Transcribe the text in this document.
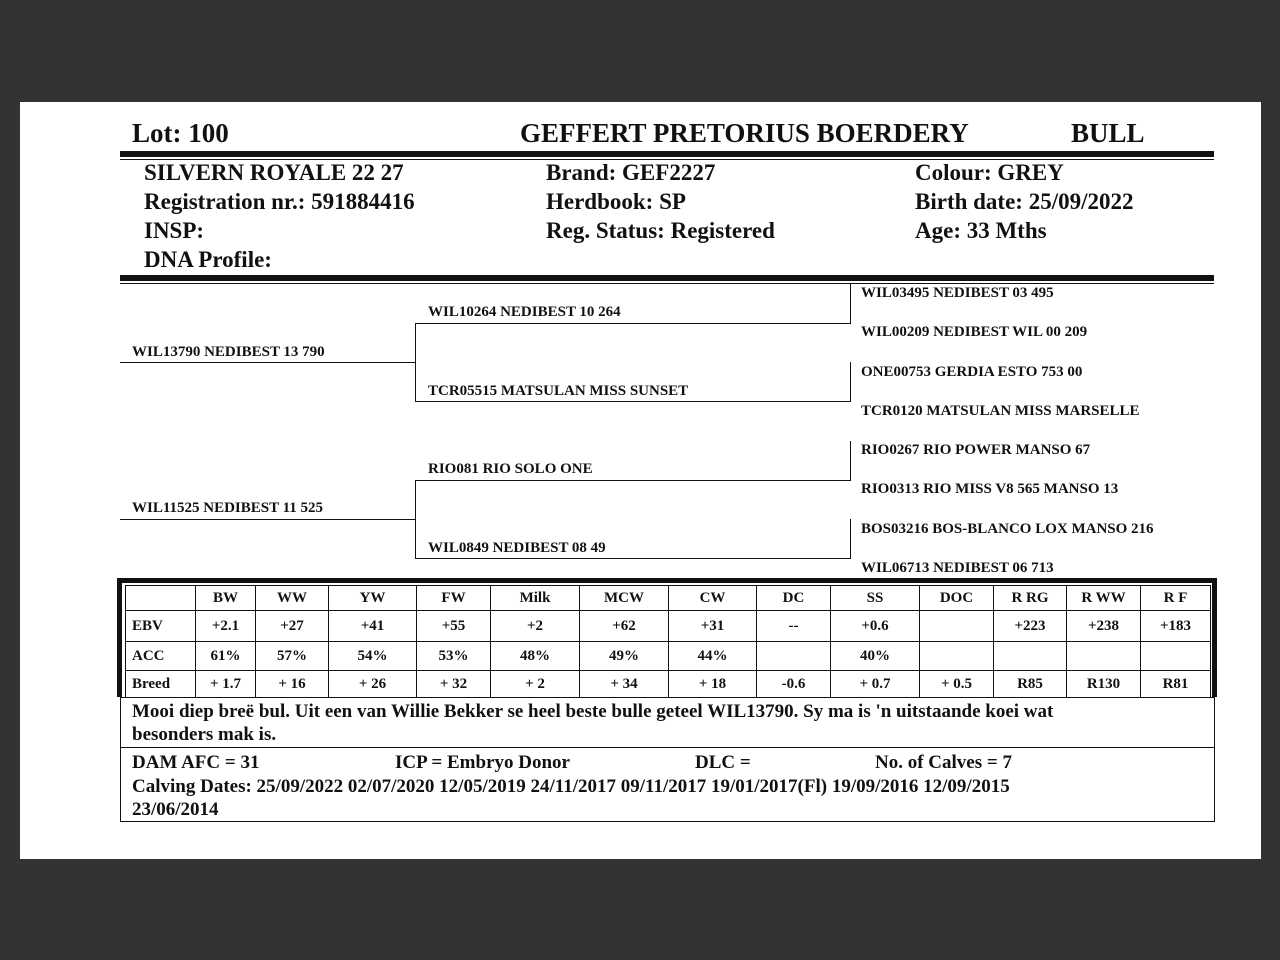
Lot: 100	GEFFERT PRETORIUS BOERDERY	BULL
SILVERN ROYALE 22 27
Registration nr.: 591884416
INSP:
DNA Profile:
Brand: GEF2227
Herdbook: SP
Reg. Status: Registered
Colour: GREY
Birth date: 25/09/2022
Age: 33 Mths
WIL13790 NEDIBEST 13 790
WIL11525 NEDIBEST 11 525
WIL10264 NEDIBEST 10 264
TCR05515 MATSULAN MISS SUNSET
RIO081 RIO SOLO ONE
WIL0849 NEDIBEST 08 49
WIL03495 NEDIBEST 03 495
WIL00209 NEDIBEST WIL 00 209
ONE00753 GERDIA ESTO 753 00
TCR0120 MATSULAN MISS MARSELLE
RIO0267 RIO POWER MANSO 67
RIO0313 RIO MISS V8 565 MANSO 13
BOS03216 BOS-BLANCO LOX MANSO 216
WIL06713 NEDIBEST 06 713
	BW	WW	YW	FW	Milk	MCW	CW	DC	SS	DOC	R RG	R WW	R F
EBV	+2.1	+27	+41	+55	+2	+62	+31	--	+0.6		+223	+238	+183
ACC	61%	57%	54%	53%	48%	49%	44%		40%				
Breed	+ 1.7	+ 16	+ 26	+ 32	+ 2	+ 34	+ 18	-0.6	+ 0.7	+ 0.5	R85	R130	R81
Mooi diep breë bul. Uit een van Willie Bekker se heel beste bulle geteel WIL13790. Sy ma is 'n uitstaande koei wat
besonders mak is.
DAM AFC = 31	ICP = Embryo Donor	DLC =	No. of Calves = 7
Calving Dates: 25/09/2022 02/07/2020 12/05/2019 24/11/2017 09/11/2017 19/01/2017(Fl) 19/09/2016 12/09/2015
23/06/2014
